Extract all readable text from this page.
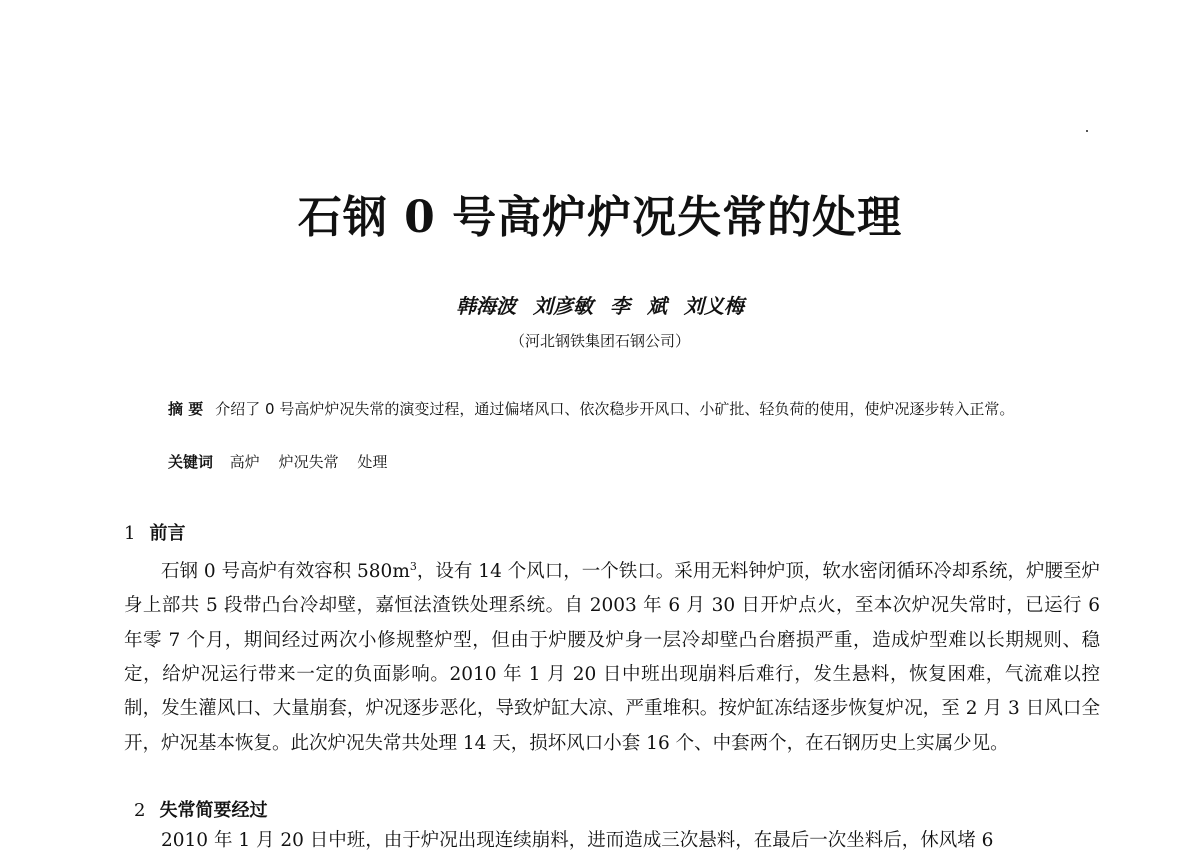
石钢 0 号高炉炉况失常的处理
韩海波 刘彦敏 李 斌 刘义梅
（河北钢铁集团石钢公司）
摘 要 介绍了 0 号高炉炉况失常的演变过程，通过偏堵风口、依次稳步开风口、小矿批、轻负荷的使用，使炉况逐步转入正常。
关键词 高炉 炉况失常 处理
1 前言

石钢 0 号高炉有效容积 $580m^3$，设有 14 个风口，一个铁口。采用无料钟炉顶，软水密闭循环冷却系统，炉腰至炉身上部共 5 段带凸台冷却壁，嘉恒法渣铁处理系统。自 2003 年 6 月 30 日开炉点火，至本次炉况失常时，已运行 6 年零 7 个月，期间经过两次小修规整炉型，但由于炉腰及炉身一层冷却壁凸台磨损严重，造成炉型难以长期规则、稳定，给炉况运行带来一定的负面影响。2010 年 1 月 20 日中班出现崩料后难行，发生悬料，恢复困难，气流难以控制，发生灌风口、大量崩套，炉况逐步恶化，导致炉缸大凉、严重堆积。按炉缸冻结逐步恢复炉况，至 2 月 3 日风口全开，炉况基本恢复。此次炉况失常共处理 14 天，损坏风口小套 16 个、中套两个，在石钢历史上实属少见。

2 失常简要经过

2010 年 1 月 20 日中班，由于炉况出现连续崩料，进而造成三次悬料，在最后一次坐料后，休风堵 6
